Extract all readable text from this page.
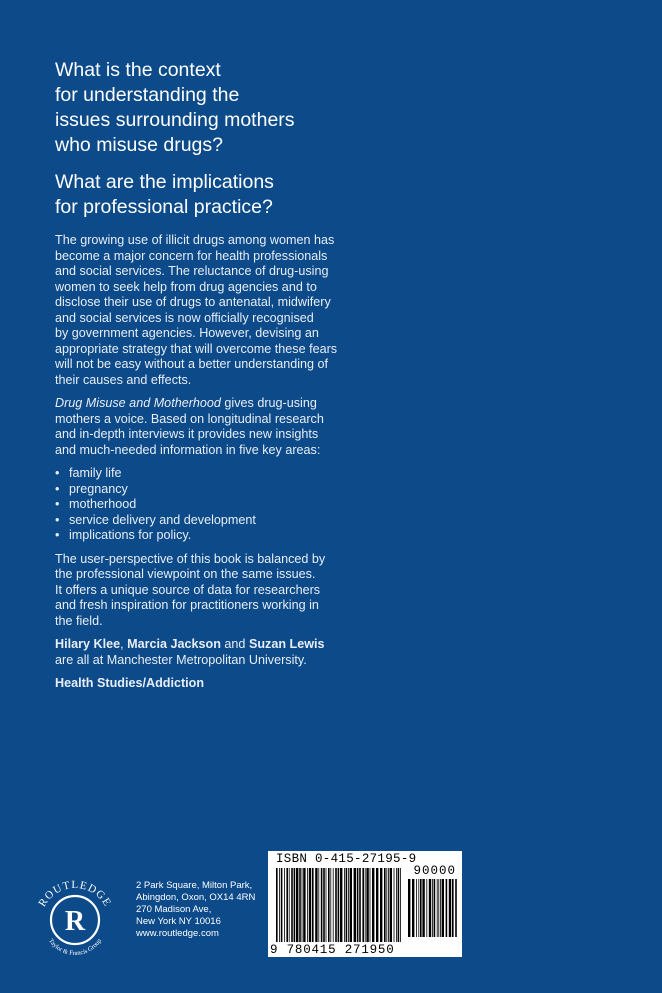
What is the context
for understanding the
issues surrounding mothers
who misuse drugs?

What are the implications
for professional practice?

The growing use of illicit drugs among women has
become a major concern for health professionals
and social services. The reluctance of drug-using
women to seek help from drug agencies and to
disclose their use of drugs to antenatal, midwifery
and social services is now officially recognised
by government agencies. However, devising an
appropriate strategy that will overcome these fears
will not be easy without a better understanding of
their causes and effects.

Drug Misuse and Motherhood gives drug-using
mothers a voice. Based on longitudinal research
and in-depth interviews it provides new insights
and much-needed information in five key areas:

• family life
• pregnancy
• motherhood
• service delivery and development
• implications for policy.

The user-perspective of this book is balanced by
the professional viewpoint on the same issues.
It offers a unique source of data for researchers
and fresh inspiration for practitioners working in
the field.

Hilary Klee, Marcia Jackson and Suzan Lewis
are all at Manchester Metropolitan University.

Health Studies/Addiction

ROUTLEDGE
Taylor & Francis Group
R
2 Park Square, Milton Park,
Abingdon, Oxon, OX14 4RN
270 Madison Ave,
New York NY 10016
www.routledge.com
ISBN 0-415-27195-9
90000
9 780415 271950
